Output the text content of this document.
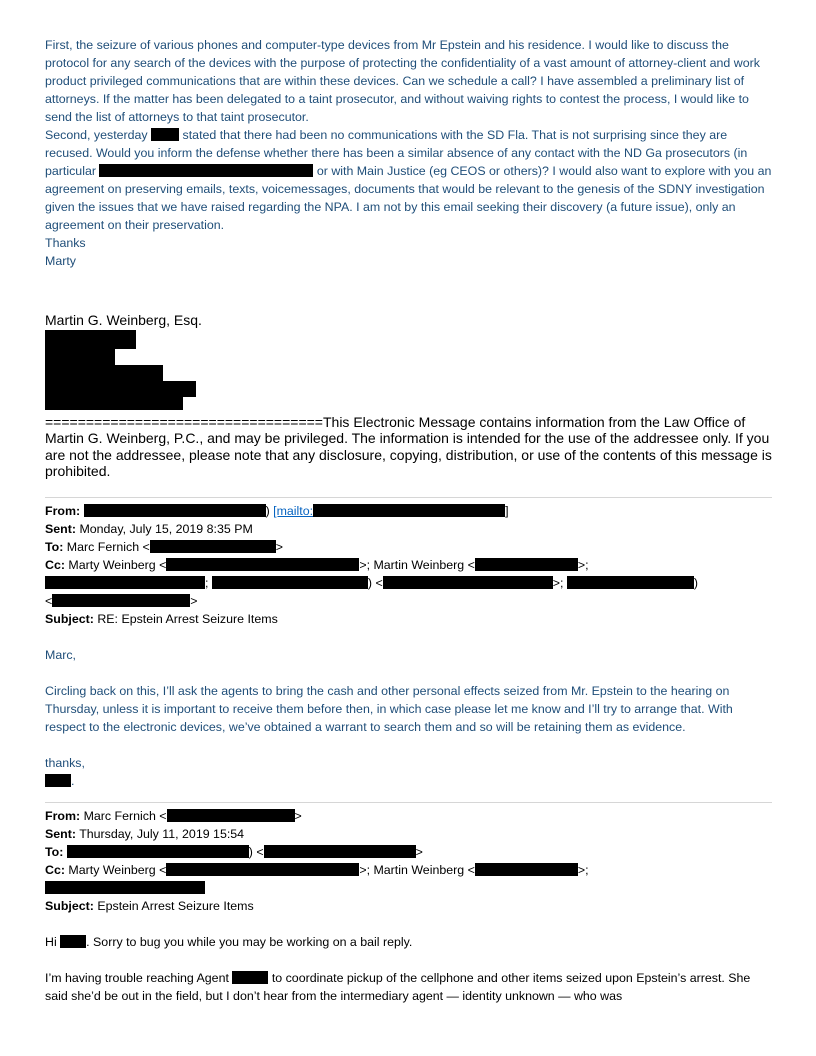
First, the seizure of various phones and computer-type devices from Mr Epstein and his residence. I would like to discuss the protocol for any search of the devices with the purpose of protecting the confidentiality of a vast amount of attorney-client and work product privileged communications that are within these devices. Can we schedule a call? I have assembled a preliminary list of attorneys. If the matter has been delegated to a taint prosecutor, and without waiving rights to contest the process, I would like to send the list of attorneys to that taint prosecutor.

Second, yesterday	stated that there had been no communications with the SD Fla. That is not surprising since they are recused. Would you inform the defense whether there has been a similar absence of any contact with the ND Ga prosecutors (in particular	or with Main Justice (eg CEOS or others)? I would also want to explore with you an agreement on preserving emails, texts, voicemessages, documents that would be relevant to the genesis of the SDNY investigation given the issues that we have raised regarding the NPA. I am not by this email seeking their discovery (a future issue), only an agreement on their preservation.

Thanks
Marty
Martin G. Weinberg, Esq.
==================================This Electronic Message contains information from the Law Office of Martin G. Weinberg, P.C., and may be privileged. The information is intended for the use of the addressee only. If you are not the addressee, please note that any disclosure, copying, distribution, or use of the contents of this message is prohibited.
From:	) [mailto:	]
Sent: Monday, July 15, 2019 8:35 PM
To: Marc Fernich <	>
Cc: Marty Weinberg <	>; Martin Weinberg <	>;
;	) <	>;	)
<	>
Subject: RE: Epstein Arrest Seizure Items
Marc,

Circling back on this, I’ll ask the agents to bring the cash and other personal effects seized from Mr. Epstein to the hearing on Thursday, unless it is important to receive them before then, in which case please let me know and I’ll try to arrange that. With respect to the electronic devices, we’ve obtained a warrant to search them and so will be retaining them as evidence.

thanks,
.
From: Marc Fernich <	>
Sent: Thursday, July 11, 2019 15:54
To:	) <	>
Cc: Marty Weinberg <	>; Martin Weinberg <	>;
Subject: Epstein Arrest Seizure Items
Hi . Sorry to bug you while you may be working on a bail reply.

I’m having trouble reaching Agent	to coordinate pickup of the cellphone and other items seized upon Epstein’s arrest. She said she’d be out in the field, but I don’t hear from the intermediary agent — identity unknown — who was
